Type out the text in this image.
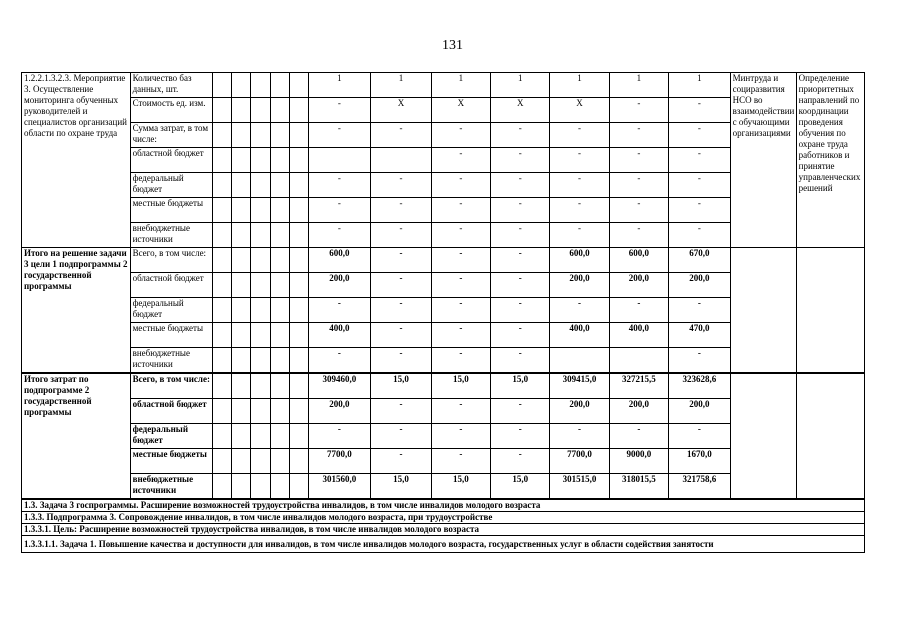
131
1.2.2.1.3.2.3. Мероприятие 3. Осуществление мониторинга обученных руководителей и специалистов организаций области по охране труда	Количество баз данных, шт.						1	1	1	1	1	1	1	Минтруда и социразвития НСО во взаимодействии с обучающими организациями	Определение приоритетных направлений по координации проведения обучения по охране труда работников и принятие управленческих решений
	Стоимость ед. изм.						-	X	X	X	X	-	-		
	Сумма затрат, в том числе:						-	-	-	-	-	-	-		
	областной бюджет								-	-	-	-	-		
	федеральный бюджет						-	-	-	-	-	-	-		
	местные бюджеты						-	-	-	-	-	-	-		
	внебюджетные источники						-	-	-	-	-	-	-		
Итого на решение задачи 3 цели 1 подпрограммы 2 государственной программы	Всего, в том числе:						600,0	-	-	-	600,0	600,0	670,0		
	областной бюджет						200,0	-	-	-	200,0	200,0	200,0		
	федеральный бюджет						-	-	-	-	-	-	-		
	местные бюджеты						400,0	-	-	-	400,0	400,0	470,0		
	внебюджетные источники						-	-	-	-			-		
Итого затрат по подпрограмме 2 государственной программы	Всего, в том числе:						309460,0	15,0	15,0	15,0	309415,0	327215,5	323628,6		
	областной бюджет						200,0	-	-	-	200,0	200,0	200,0		
	федеральный бюджет						-	-	-	-	-	-	-		
	местные бюджеты						7700,0	-	-	-	7700,0	9000,0	1670,0		
	внебюджетные источники						301560,0	15,0	15,0	15,0	301515,0	318015,5	321758,6		
1.3. Задача 3 госпрограммы. Расширение возможностей трудоустройства инвалидов, в том числе инвалидов молодого возраста															
1.3.3. Подпрограмма 3. Сопровождение инвалидов, в том числе инвалидов молодого возраста, при трудоустройстве															
1.3.3.1. Цель: Расширение возможностей трудоустройства инвалидов, в том числе инвалидов молодого возраста															
1.3.3.1.1. Задача 1. Повышение качества и доступности для инвалидов, в том числе инвалидов молодого возраста, государственных услуг в области содействия занятости															
